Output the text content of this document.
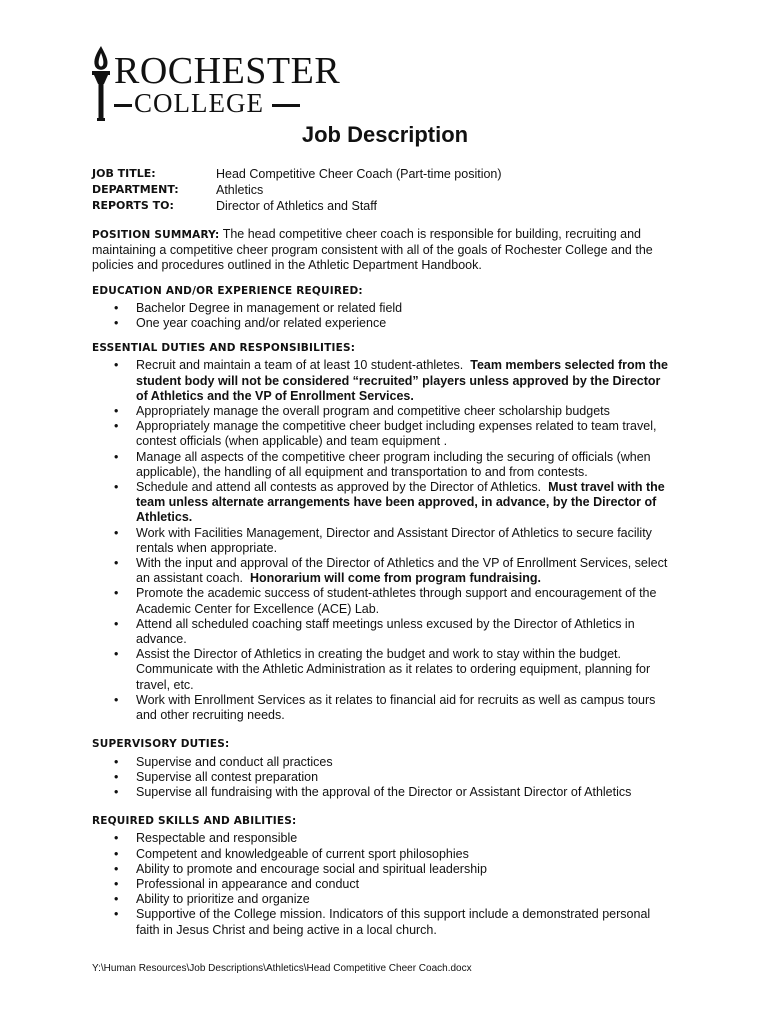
ROCHESTER
COLLEGE
Job Description
JOB TITLE:	Head Competitive Cheer Coach (Part-time position)
DEPARTMENT:	Athletics
REPORTS TO:	Director of Athletics and Staff

POSITION SUMMARY: The head competitive cheer coach is responsible for building, recruiting and maintaining a competitive cheer program consistent with all of the goals of Rochester College and the policies and procedures outlined in the Athletic Department Handbook.

EDUCATION AND/OR EXPERIENCE REQUIRED:
• Bachelor Degree in management or related field
• One year coaching and/or related experience
ESSENTIAL DUTIES AND RESPONSIBILITIES:
• Recruit and maintain a team of at least 10 student-athletes. Team members selected from the student body will not be considered “recruited” players unless approved by the Director of Athletics and the VP of Enrollment Services.
• Appropriately manage the overall program and competitive cheer scholarship budgets
• Appropriately manage the competitive cheer budget including expenses related to team travel, contest officials (when applicable) and team equipment .
• Manage all aspects of the competitive cheer program including the securing of officials (when applicable), the handling of all equipment and transportation to and from contests.
• Schedule and attend all contests as approved by the Director of Athletics. Must travel with the team unless alternate arrangements have been approved, in advance, by the Director of Athletics.
• Work with Facilities Management, Director and Assistant Director of Athletics to secure facility rentals when appropriate.
• With the input and approval of the Director of Athletics and the VP of Enrollment Services, select an assistant coach. Honorarium will come from program fundraising.
• Promote the academic success of student-athletes through support and encouragement of the Academic Center for Excellence (ACE) Lab.
• Attend all scheduled coaching staff meetings unless excused by the Director of Athletics in advance.
• Assist the Director of Athletics in creating the budget and work to stay within the budget. Communicate with the Athletic Administration as it relates to ordering equipment, planning for travel, etc.
• Work with Enrollment Services as it relates to financial aid for recruits as well as campus tours and other recruiting needs.
SUPERVISORY DUTIES:
• Supervise and conduct all practices
• Supervise all contest preparation
• Supervise all fundraising with the approval of the Director or Assistant Director of Athletics
REQUIRED SKILLS AND ABILITIES:
• Respectable and responsible
• Competent and knowledgeable of current sport philosophies
• Ability to promote and encourage social and spiritual leadership
• Professional in appearance and conduct
• Ability to prioritize and organize
• Supportive of the College mission. Indicators of this support include a demonstrated personal faith in Jesus Christ and being active in a local church.
Y:\Human Resources\Job Descriptions\Athletics\Head Competitive Cheer Coach.docx
